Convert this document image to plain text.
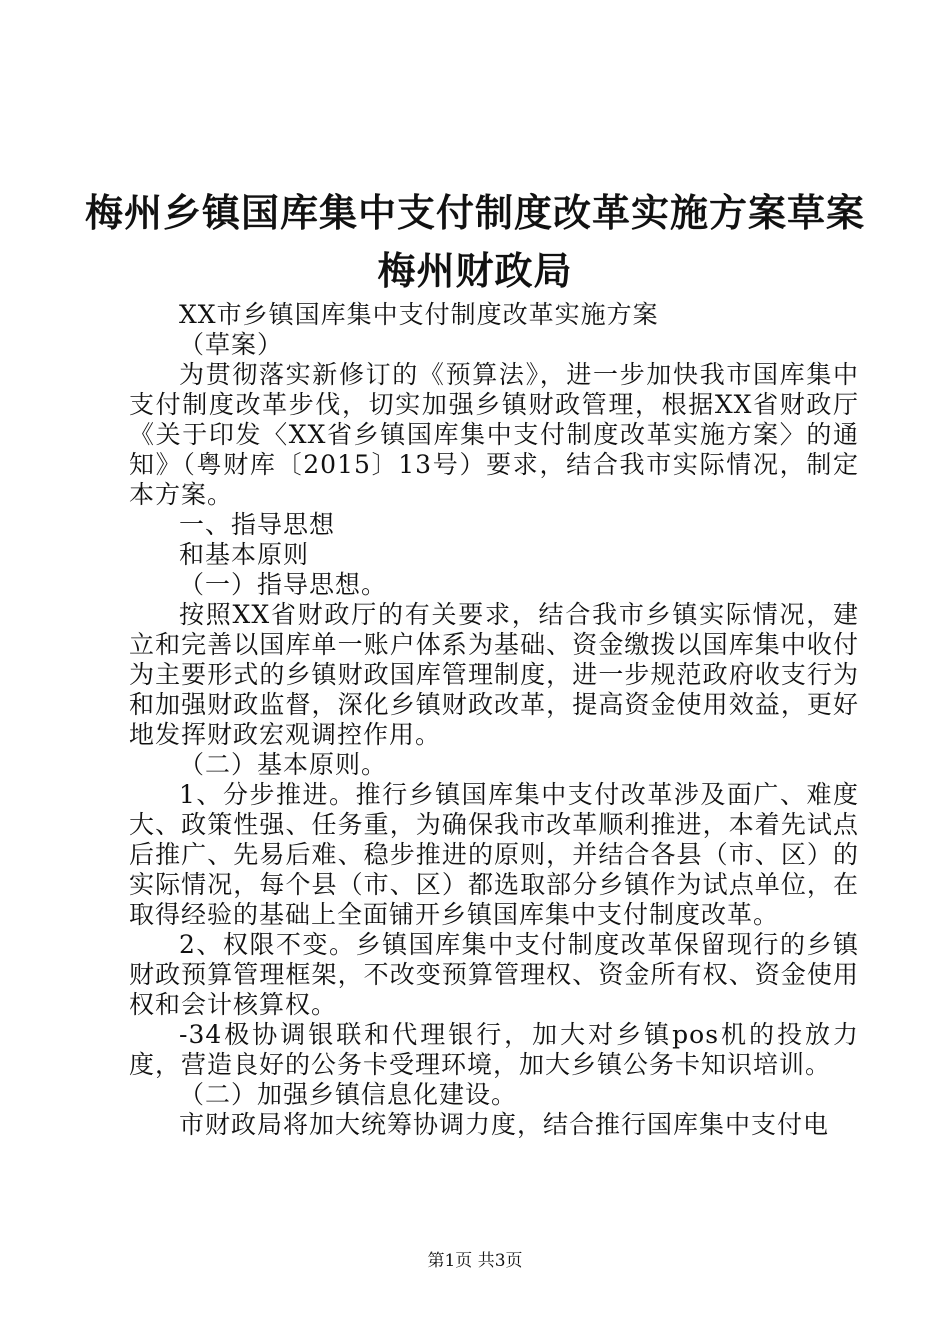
梅州乡镇国库集中支付制度改革实施方案草案
梅州财政局

XX市乡镇国库集中支付制度改革实施方案

（草案）

为贯彻落实新修订的《预算法》，进一步加快我市国库集中支付制度改革步伐，切实加强乡镇财政管理，根据XX省财政厅《关于印发〈XX省乡镇国库集中支付制度改革实施方案〉的通知》（粤财库〔2015〕13号）要求，结合我市实际情况，制定本方案。

一、指导思想

和基本原则

（一）指导思想。

按照XX省财政厅的有关要求，结合我市乡镇实际情况，建立和完善以国库单一账户体系为基础、资金缴拨以国库集中收付为主要形式的乡镇财政国库管理制度，进一步规范政府收支行为和加强财政监督，深化乡镇财政改革，提高资金使用效益，更好地发挥财政宏观调控作用。

（二）基本原则。

1、分步推进。推行乡镇国库集中支付改革涉及面广、难度大、政策性强、任务重，为确保我市改革顺利推进，本着先试点后推广、先易后难、稳步推进的原则，并结合各县（市、区）的实际情况，每个县（市、区）都选取部分乡镇作为试点单位，在取得经验的基础上全面铺开乡镇国库集中支付制度改革。

2、权限不变。乡镇国库集中支付制度改革保留现行的乡镇财政预算管理框架，不改变预算管理权、资金所有权、资金使用权和会计核算权。

-34极协调银联和代理银行，加大对乡镇pos机的投放力度，营造良好的公务卡受理环境，加大乡镇公务卡知识培训。

（二）加强乡镇信息化建设。

市财政局将加大统筹协调力度，结合推行国库集中支付电

第1页 共3页
